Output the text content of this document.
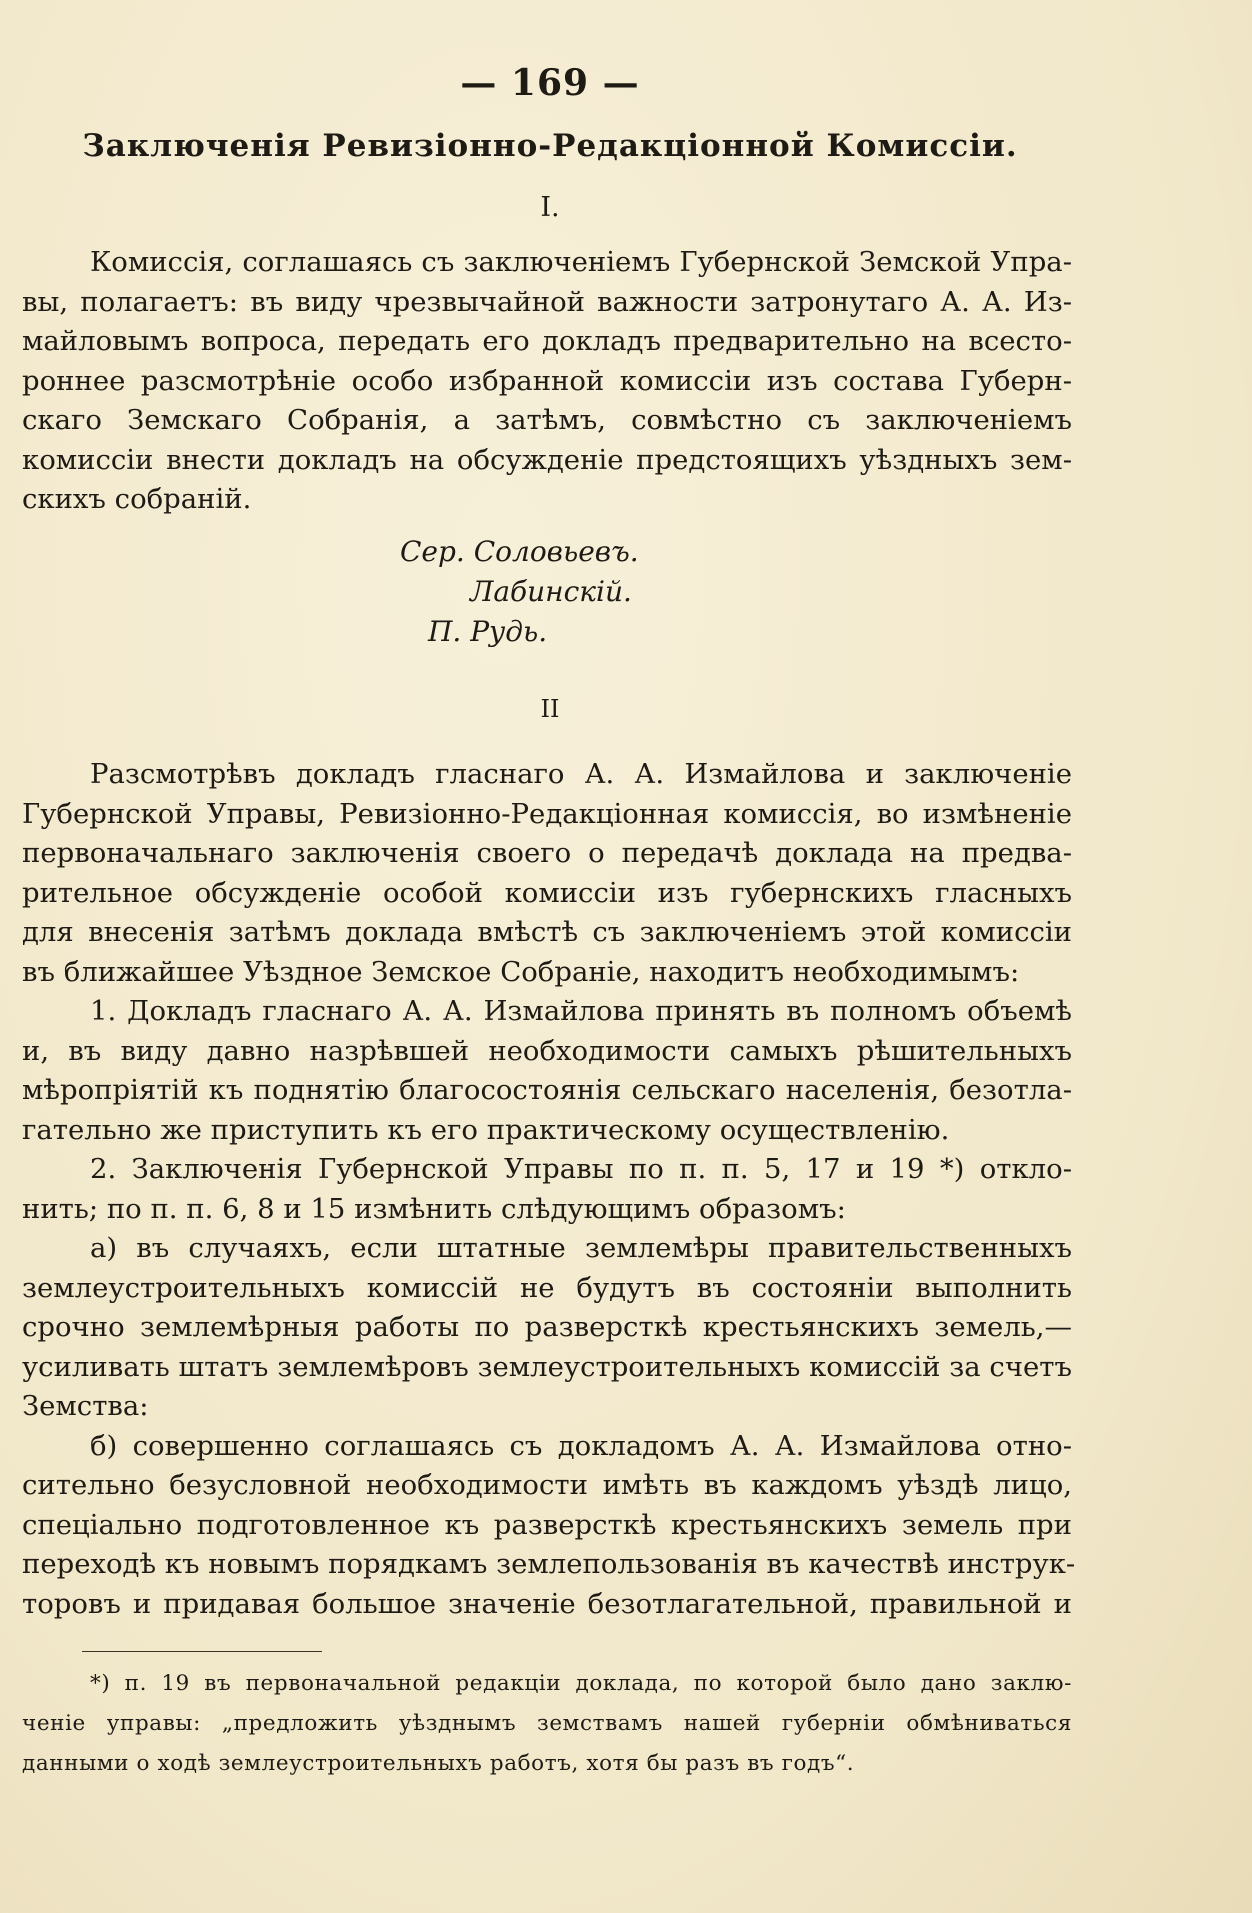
— 169 —
Заключенія Ревизіонно-Редакціонной Комиссіи.
I.
Комиссія, соглашаясь съ заключеніемъ Губернской Земской Упра-
вы, полагаетъ: въ виду чрезвычайной важности затронутаго А. А. Из-
майловымъ вопроса, передать его докладъ предварительно на всесто-
роннее разсмотрѣніе особо избранной комиссіи изъ состава Губерн-
скаго Земскаго Собранія, а затѣмъ, совмѣстно съ заключеніемъ
комиссіи внести докладъ на обсужденіе предстоящихъ уѣздныхъ зем-
скихъ собраній.
Сер. Соловьевъ.
Лабинскій.
П. Рудь.
II
Разсмотрѣвъ докладъ гласнаго А. А. Измайлова и заключеніе
Губернской Управы, Ревизіонно-Редакціонная комиссія, во измѣненіе
первоначальнаго заключенія своего о передачѣ доклада на предва-
рительное обсужденіе особой комиссіи изъ губернскихъ гласныхъ
для внесенія затѣмъ доклада вмѣстѣ съ заключеніемъ этой комиссіи
въ ближайшее Уѣздное Земское Собраніе, находитъ необходимымъ:
1. Докладъ гласнаго А. А. Измайлова принять въ полномъ объемѣ
и, въ виду давно назрѣвшей необходимости самыхъ рѣшительныхъ
мѣропріятій къ поднятію благосостоянія сельскаго населенія, безотла-
гательно же приступить къ его практическому осуществленію.
2. Заключенія Губернской Управы по п. п. 5, 17 и 19 *) откло-
нить; по п. п. 6, 8 и 15 измѣнить слѣдующимъ образомъ:
а) въ случаяхъ, если штатные землемѣры правительственныхъ
землеустроительныхъ комиссій не будутъ въ состояніи выполнить
срочно землемѣрныя работы по разверсткѣ крестьянскихъ земель,—
усиливать штатъ землемѣровъ землеустроительныхъ комиссій за счетъ
Земства:
б) совершенно соглашаясь съ докладомъ А. А. Измайлова отно-
сительно безусловной необходимости имѣть въ каждомъ уѣздѣ лицо,
спеціально подготовленное къ разверсткѣ крестьянскихъ земель при
переходѣ къ новымъ порядкамъ землепользованія въ качествѣ инструк-
торовъ и придавая большое значеніе безотлагательной, правильной и
*) п. 19 въ первоначальной редакціи доклада, по которой было дано заклю-
ченіе управы: „предложить уѣзднымъ земствамъ нашей губерніи обмѣниваться
данными о ходѣ землеустроительныхъ работъ, хотя бы разъ въ годъ“.
